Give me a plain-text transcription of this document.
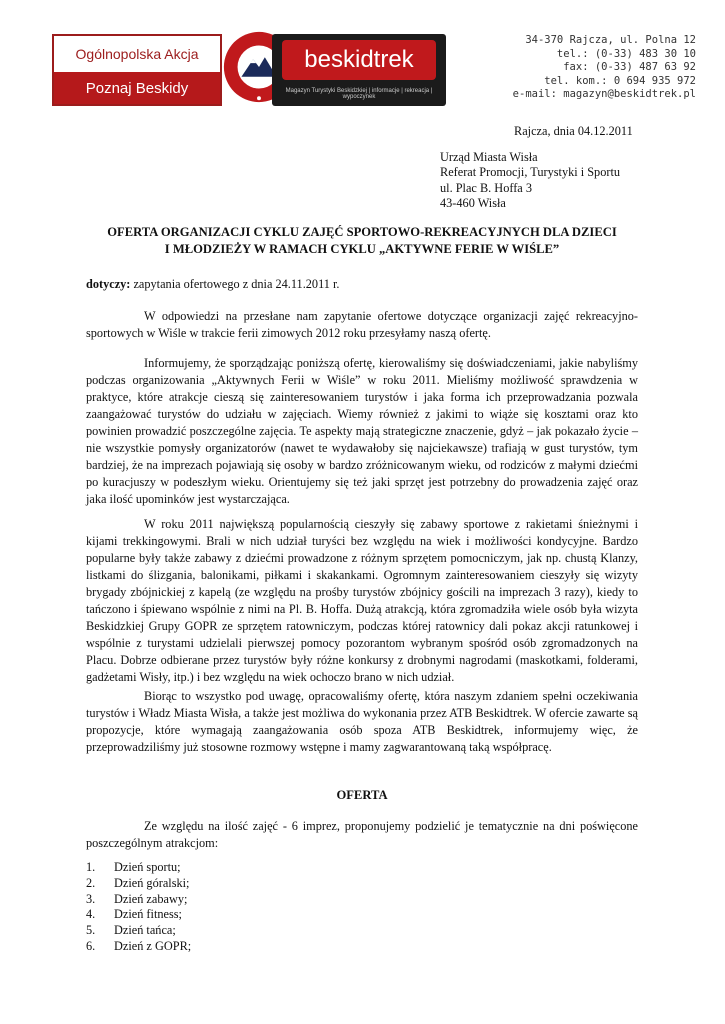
Ogólnopolska Akcja
Poznaj Beskidy
beskidtrek
Magazyn Turystyki Beskidzkiej | informacje | rekreacja | wypoczynek
34-370 Rajcza, ul. Polna 12
tel.: (0-33) 483 30 10
fax: (0-33) 487 63 92
tel. kom.: 0 694 935 972
e-mail: magazyn@beskidtrek.pl
Rajcza, dnia 04.12.2011
Urząd Miasta Wisła
Referat Promocji, Turystyki i Sportu
ul. Plac B. Hoffa 3
43-460 Wisła
OFERTA ORGANIZACJI CYKLU ZAJĘĆ SPORTOWO-REKREACYJNYCH DLA DZIECI
I MŁODZIEŻY W RAMACH CYKLU „AKTYWNE FERIE W WIŚLE”
dotyczy: zapytania ofertowego z dnia 24.11.2011 r.
W odpowiedzi na przesłane nam zapytanie ofertowe dotyczące organizacji zajęć rekreacyjno-sportowych w Wiśle w trakcie ferii zimowych 2012 roku przesyłamy naszą ofertę.
Informujemy, że sporządzając poniższą ofertę, kierowaliśmy się doświadczeniami, jakie nabyliśmy podczas organizowania „Aktywnych Ferii w Wiśle” w roku 2011. Mieliśmy możliwość sprawdzenia w praktyce, które atrakcje cieszą się zainteresowaniem turystów i jaka forma ich przeprowadzania pozwala zaangażować turystów do udziału w zajęciach. Wiemy również z jakimi to wiąże się kosztami oraz kto powinien prowadzić poszczególne zajęcia. Te aspekty mają strategiczne znaczenie, gdyż – jak pokazało życie – nie wszystkie pomysły organizatorów (nawet te wydawałoby się najciekawsze) trafiają w gust turystów, tym bardziej, że na imprezach pojawiają się osoby w bardzo zróżnicowanym wieku, od rodziców z małymi dziećmi po kuracjuszy w podeszłym wieku. Orientujemy się też jaki sprzęt jest potrzebny do prowadzenia zajęć oraz jaka ilość upominków jest wystarczająca.
W roku 2011 największą popularnością cieszyły się zabawy sportowe z rakietami śnieżnymi i kijami trekkingowymi. Brali w nich udział turyści bez względu na wiek i możliwości kondycyjne. Bardzo popularne były także zabawy z dziećmi prowadzone z różnym sprzętem pomocniczym, jak np. chustą Klanzy, listkami do ślizgania, balonikami, piłkami i skakankami. Ogromnym zainteresowaniem cieszyły się wizyty brygady zbójnickiej z kapelą (ze względu na prośby turystów zbójnicy gościli na imprezach 3 razy), kiedy to tańczono i śpiewano wspólnie z nimi na Pl. B. Hoffa. Dużą atrakcją, która zgromadziła wiele osób była wizyta Beskidzkiej Grupy GOPR ze sprzętem ratowniczym, podczas której ratownicy dali pokaz akcji ratunkowej i wspólnie z turystami udzielali pierwszej pomocy pozorantom wybranym spośród osób zgromadzonych na Placu. Dobrze odbierane przez turystów były różne konkursy z drobnymi nagrodami (maskotkami, folderami, gadżetami Wisły, itp.) i bez względu na wiek ochoczo brano w nich udział.
Biorąc to wszystko pod uwagę, opracowaliśmy ofertę, która naszym zdaniem spełni oczekiwania turystów i Władz Miasta Wisła, a także jest możliwa do wykonania przez ATB Beskidtrek. W ofercie zawarte są propozycje, które wymagają zaangażowania osób spoza ATB Beskidtrek, informujemy więc, że przeprowadziliśmy już stosowne rozmowy wstępne i mamy zagwarantowaną taką współpracę.
OFERTA
Ze względu na ilość zajęć - 6 imprez, proponujemy podzielić je tematycznie na dni poświęcone poszczególnym atrakcjom:
1.	Dzień sportu;
2.	Dzień góralski;
3.	Dzień zabawy;
4.	Dzień fitness;
5.	Dzień tańca;
6.	Dzień z GOPR;
